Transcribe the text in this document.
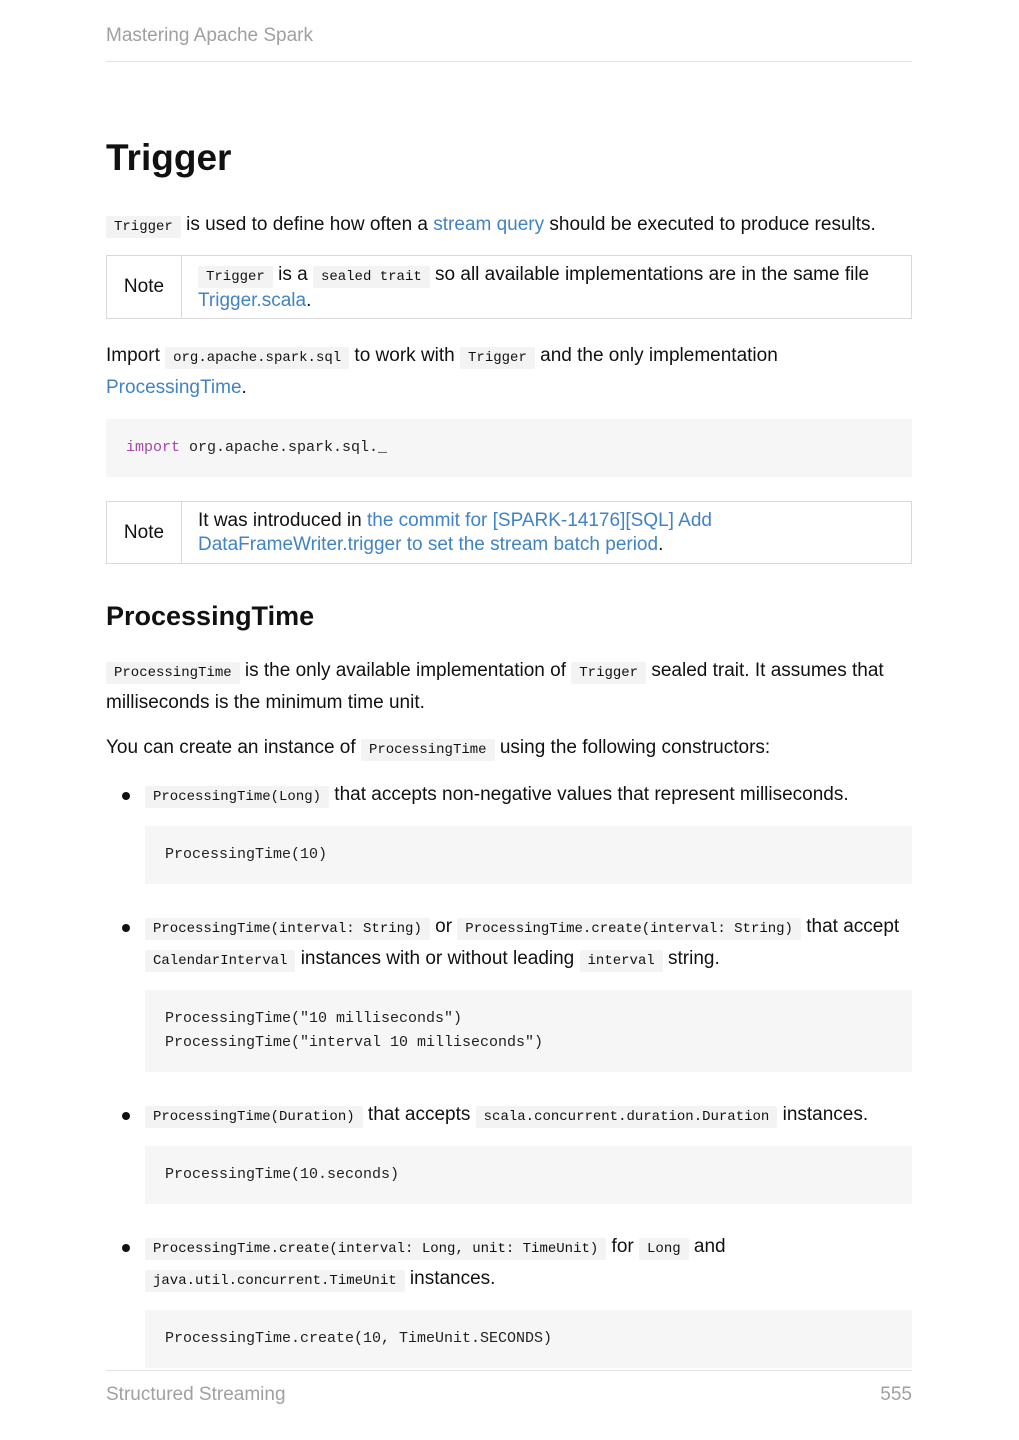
Mastering Apache Spark
Trigger

Trigger is used to define how often a stream query should be executed to produce results.

Note	Trigger is a sealed trait so all available implementations are in the same file Trigger.scala.

Import org.apache.spark.sql to work with Trigger and the only implementation ProcessingTime.

import org.apache.spark.sql._
Note
It was introduced in the commit for [SPARK-14176][SQL] Add DataFrameWriter.trigger to set the stream batch period.
ProcessingTime

ProcessingTime is the only available implementation of Trigger sealed trait. It assumes that milliseconds is the minimum time unit.

You can create an instance of ProcessingTime using the following constructors:

ProcessingTime(Long) that accepts non-negative values that represent milliseconds.

ProcessingTime(10)

ProcessingTime(interval: String) or ProcessingTime.create(interval: String) that accept CalendarInterval instances with or without leading interval string.

ProcessingTime("10 milliseconds")
ProcessingTime("interval 10 milliseconds")

ProcessingTime(Duration) that accepts scala.concurrent.duration.Duration instances.

ProcessingTime(10.seconds)

ProcessingTime.create(interval: Long, unit: TimeUnit) for Long and java.util.concurrent.TimeUnit instances.

ProcessingTime.create(10, TimeUnit.SECONDS)
Structured Streaming	555
